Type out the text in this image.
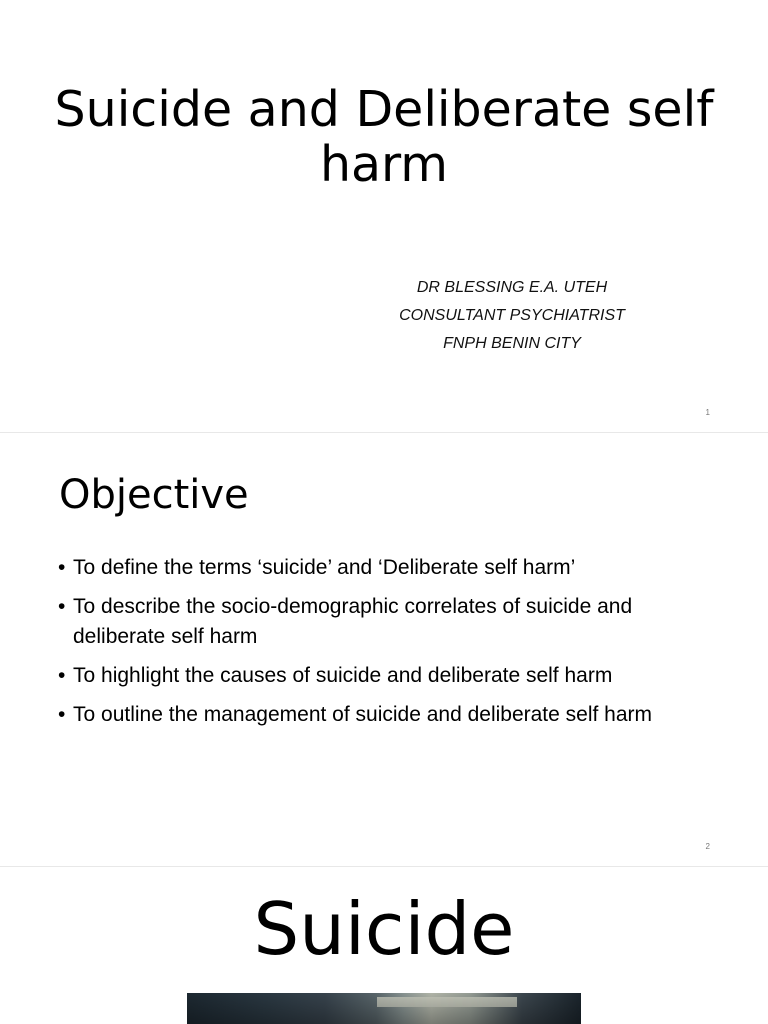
Suicide and Deliberate self harm
DR BLESSING E.A. UTEH
CONSULTANT PSYCHIATRIST
FNPH BENIN CITY
1
Objective
• To define the terms ‘suicide’ and ‘Deliberate self harm’
• To describe the socio-demographic correlates of suicide and deliberate self harm
• To highlight the causes of suicide and deliberate self harm
• To outline the management of suicide and deliberate self harm
2
Suicide
